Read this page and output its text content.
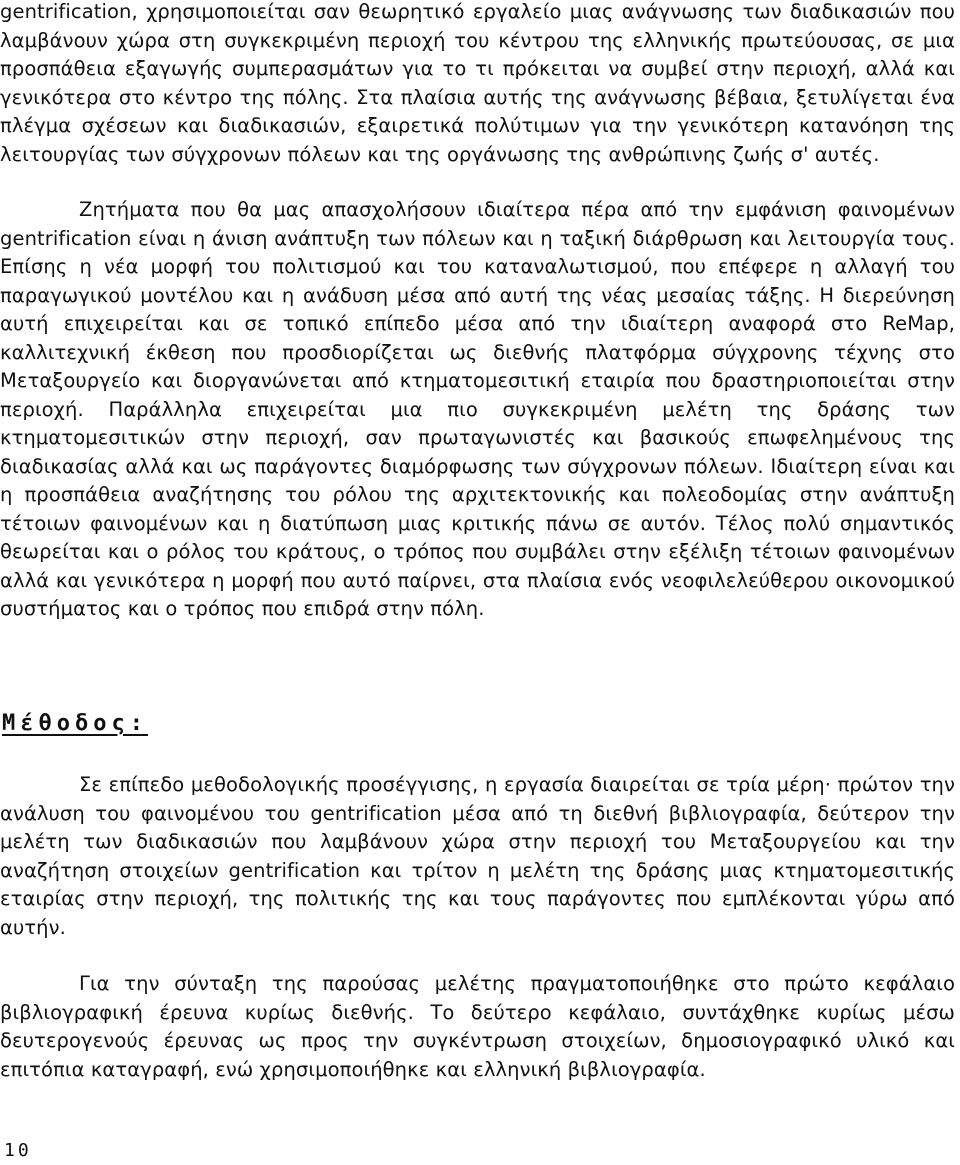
gentrification, χρησιμοποιείται σαν θεωρητικό εργαλείο μιας ανάγνωσης των διαδικασιών που λαμβάνουν χώρα στη συγκεκριμένη περιοχή του κέντρου της ελληνικής πρωτεύουσας, σε μια προσπάθεια εξαγωγής συμπερασμάτων για το τι πρόκειται να συμβεί στην περιοχή, αλλά και γενικότερα στο κέντρο της πόλης. Στα πλαίσια αυτής της ανάγνωσης βέβαια, ξετυλίγεται ένα πλέγμα σχέσεων και διαδικασιών, εξαιρετικά πολύτιμων για την γενικότερη κατανόηση της λειτουργίας των σύγχρονων πόλεων και της οργάνωσης της ανθρώπινης ζωής σ' αυτές.

Ζητήματα που θα μας απασχολήσουν ιδιαίτερα πέρα από την εμφάνιση φαινομένων gentrification είναι η άνιση ανάπτυξη των πόλεων και η ταξική διάρθρωση και λειτουργία τους. Επίσης η νέα μορφή του πολιτισμού και του καταναλωτισμού, που επέφερε η αλλαγή του παραγωγικού μοντέλου και η ανάδυση μέσα από αυτή της νέας μεσαίας τάξης. Η διερεύνηση αυτή επιχειρείται και σε τοπικό επίπεδο μέσα από την ιδιαίτερη αναφορά στο ReMap, καλλιτεχνική έκθεση που προσδιορίζεται ως διεθνής πλατφόρμα σύγχρονης τέχνης στο Μεταξουργείο και διοργανώνεται από κτηματομεσιτική εταιρία που δραστηριοποιείται στην περιοχή. Παράλληλα επιχειρείται μια πιο συγκεκριμένη μελέτη της δράσης των κτηματομεσιτικών στην περιοχή, σαν πρωταγωνιστές και βασικούς επωφελημένους της διαδικασίας αλλά και ως παράγοντες διαμόρφωσης των σύγχρονων πόλεων. Ιδιαίτερη είναι και η προσπάθεια αναζήτησης του ρόλου της αρχιτεκτονικής και πολεοδομίας στην ανάπτυξη τέτοιων φαινομένων και η διατύπωση μιας κριτικής πάνω σε αυτόν. Τέλος πολύ σημαντικός θεωρείται και ο ρόλος του κράτους, ο τρόπος που συμβάλει στην εξέλιξη τέτοιων φαινομένων αλλά και γενικότερα η μορφή που αυτό παίρνει, στα πλαίσια ενός νεοφιλελεύθερου οικονομικού συστήματος και ο τρόπος που επιδρά στην πόλη.

Μέθοδος:

Σε επίπεδο μεθοδολογικής προσέγγισης, η εργασία διαιρείται σε τρία μέρη· πρώτον την ανάλυση του φαινομένου του gentrification μέσα από τη διεθνή βιβλιογραφία, δεύτερον την μελέτη των διαδικασιών που λαμβάνουν χώρα στην περιοχή του Μεταξουργείου και την αναζήτηση στοιχείων gentrification και τρίτον η μελέτη της δράσης μιας κτηματομεσιτικής εταιρίας στην περιοχή, της πολιτικής της και τους παράγοντες που εμπλέκονται γύρω από αυτήν.

Για την σύνταξη της παρούσας μελέτης πραγματοποιήθηκε στο πρώτο κεφάλαιο βιβλιογραφική έρευνα κυρίως διεθνής. Το δεύτερο κεφάλαιο, συντάχθηκε κυρίως μέσω δευτερογενούς έρευνας ως προς την συγκέντρωση στοιχείων, δημοσιογραφικό υλικό και επιτόπια καταγραφή, ενώ χρησιμοποιήθηκε και ελληνική βιβλιογραφία.

10
